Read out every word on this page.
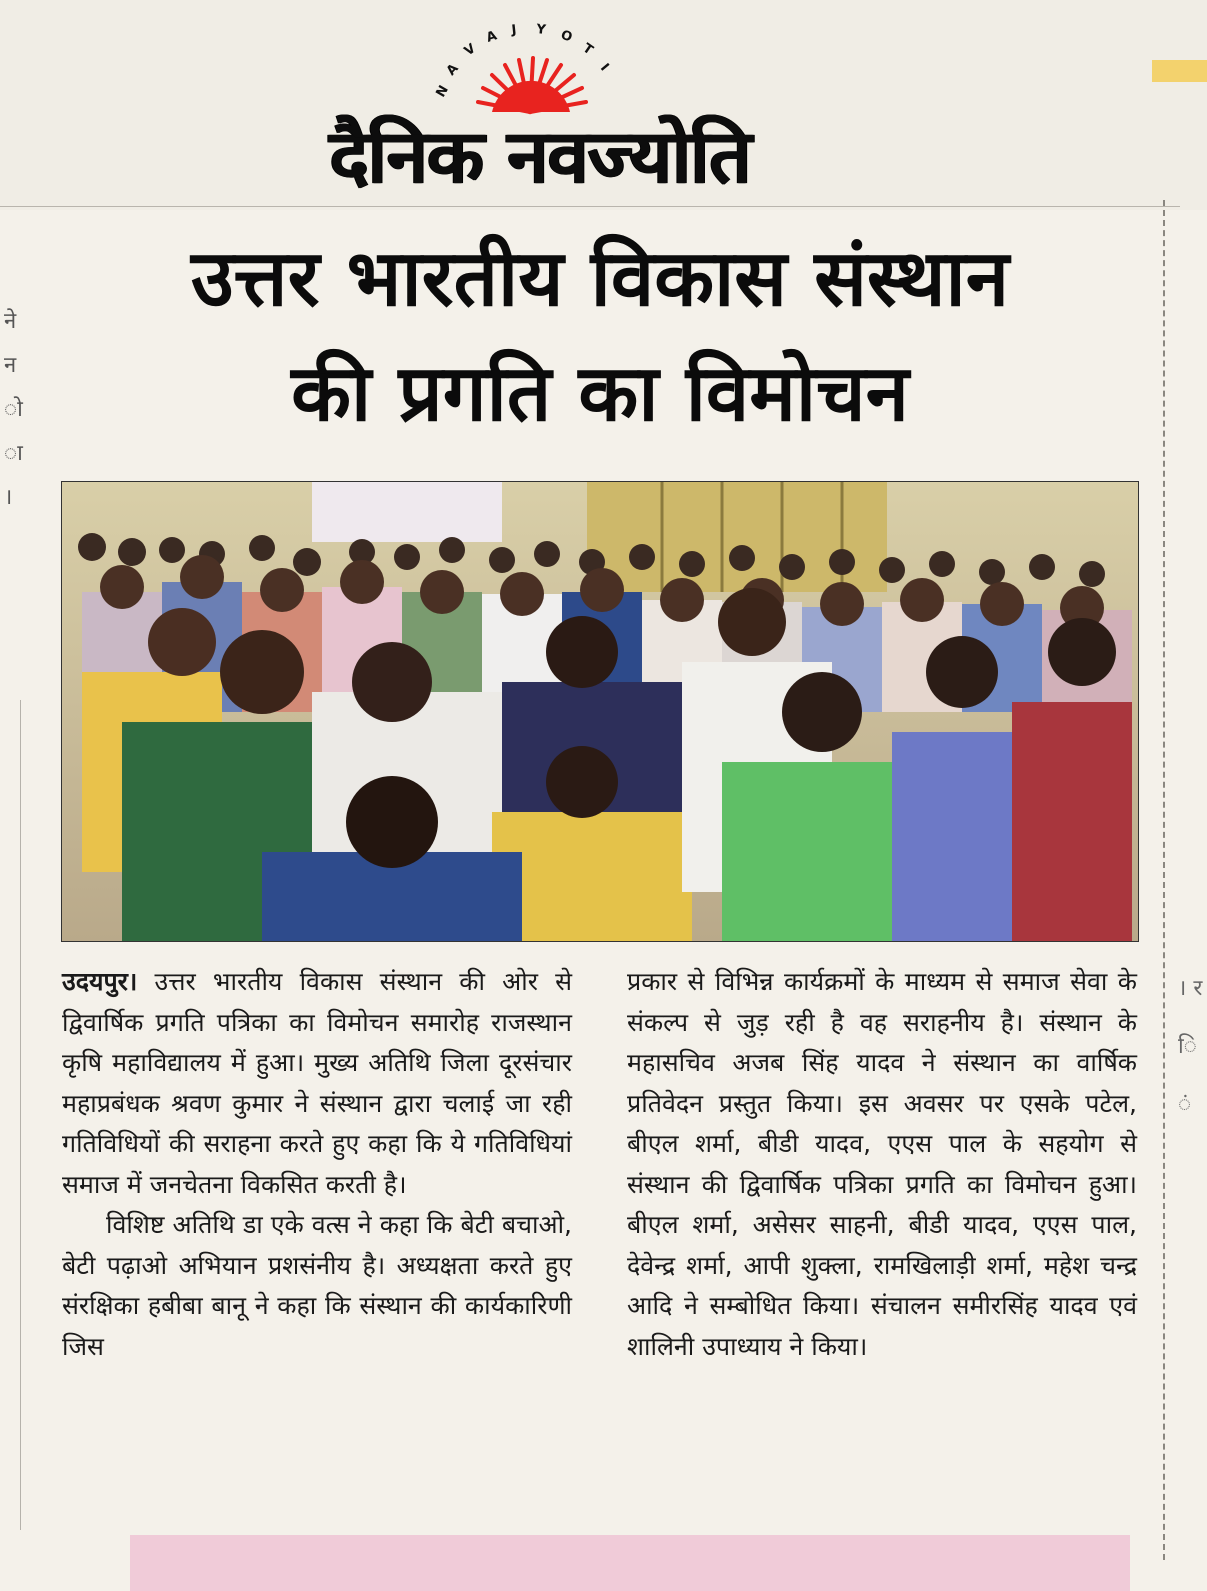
ने न ो ा ।
। र ि ं
N
A
V
A J Y O
T
I
दैनिक नवज्योति
उत्तर भारतीय विकास संस्थान
की प्रगति का विमोचन

उदयपुर। उत्तर भारतीय विकास संस्थान की ओर से द्विवार्षिक प्रगति पत्रिका का विमोचन समारोह राजस्थान कृषि महाविद्यालय में हुआ। मुख्य अतिथि जिला दूरसंचार महाप्रबंधक श्रवण कुमार ने संस्थान द्वारा चलाई जा रही गतिविधियों की सराहना करते हुए कहा कि ये गतिविधियां समाज में जनचेतना विकसित करती है।

विशिष्ट अतिथि डा एके वत्स ने कहा कि बेटी बचाओ, बेटी पढ़ाओ अभियान प्रशसंनीय है। अध्यक्षता करते हुए संरक्षिका हबीबा बानू ने कहा कि संस्थान की कार्यकारिणी जिस

प्रकार से विभिन्न कार्यक्रमों के माध्यम से समाज सेवा के संकल्प से जुड़ रही है वह सराहनीय है। संस्थान के महासचिव अजब सिंह यादव ने संस्थान का वार्षिक प्रतिवेदन प्रस्तुत किया। इस अवसर पर एसके पटेल, बीएल शर्मा, बीडी यादव, एएस पाल के सहयोग से संस्थान की द्विवार्षिक पत्रिका प्रगति का विमोचन हुआ। बीएल शर्मा, असेसर साहनी, बीडी यादव, एएस पाल, देवेन्द्र शर्मा, आपी शुक्ला, रामखिलाड़ी शर्मा, महेश चन्द्र आदि ने सम्बोधित किया। संचालन समीरसिंह यादव एवं शालिनी उपाध्याय ने किया।
